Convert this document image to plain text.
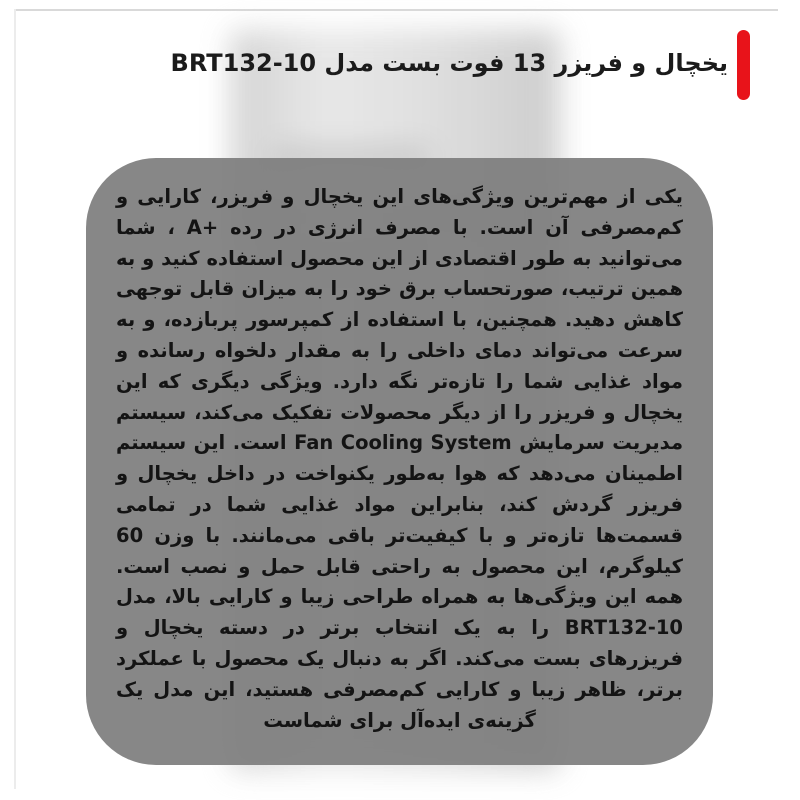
یخچال و فریزر 13 فوت بست مدل BRT132-10

یکی از مهم‌ترین ویژگی‌های این یخچال و فریزر، کارایی و کم‌مصرفی آن است. با مصرف انرژی در رده +A ، شما می‌توانید به طور اقتصادی از این محصول استفاده کنید و به همین ترتیب، صورتحساب برق خود را به میزان قابل توجهی کاهش دهید. همچنین، با استفاده از کمپرسور پربازده، و به سرعت می‌تواند دمای داخلی را به مقدار دلخواه رسانده و مواد غذایی شما را تازه‌تر نگه دارد. ویژگی دیگری که این یخچال و فریزر را از دیگر محصولات تفکیک می‌کند، سیستم مدیریت سرمایش Fan Cooling System است. این سیستم اطمینان می‌دهد که هوا به‌طور یکنواخت در داخل یخچال و فریزر گردش کند، بنابراین مواد غذایی شما در تمامی قسمت‌ها تازه‌تر و با کیفیت‌تر باقی می‌مانند. با وزن 60 کیلوگرم، این محصول به راحتی قابل حمل و نصب است. همه این ویژگی‌ها به همراه طراحی زیبا و کارایی بالا، مدل BRT132-10 را به یک انتخاب برتر در دسته یخچال و فریزرهای بست می‌کند. اگر به دنبال یک محصول با عملکرد برتر، ظاهر زیبا و کارایی کم‌مصرفی هستید، این مدل یک گزینه‌ی ایده‌آل برای شماست
